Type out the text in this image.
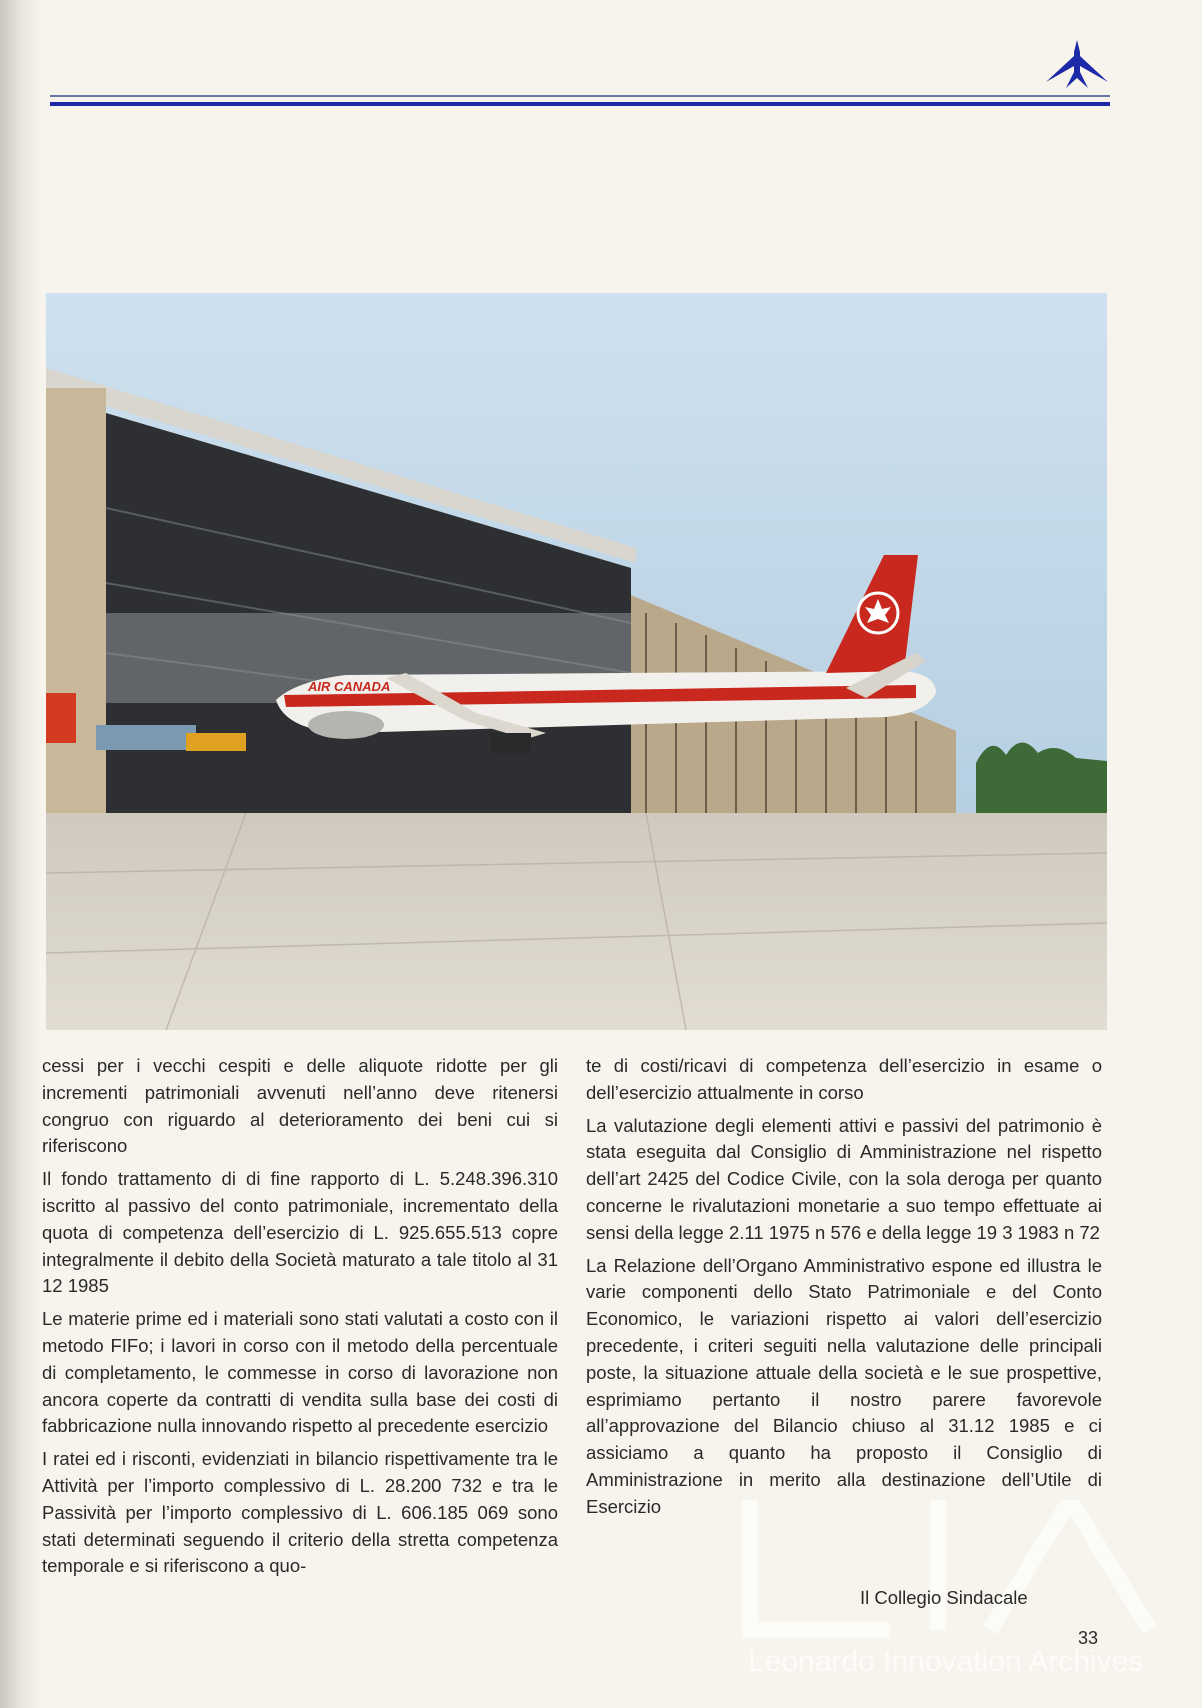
AIR CANADA

cessi per i vecchi cespiti e delle aliquote ridotte per gli incrementi patrimoniali avvenuti nell’anno deve ritenersi congruo con riguardo al deterioramento dei beni cui si riferiscono

Il fondo trattamento di di fine rapporto di L. 5.248.396.310 iscritto al passivo del conto patrimoniale, incrementato della quota di competenza dell’esercizio di L. 925.655.513 copre integralmente il debito della Società maturato a tale titolo al 31 12 1985

Le materie prime ed i materiali sono stati valutati a costo con il metodo FIFo; i lavori in corso con il metodo della percentuale di completamento, le commesse in corso di lavorazione non ancora coperte da contratti di vendita sulla base dei costi di fabbricazione nulla innovando rispetto al precedente esercizio

I ratei ed i risconti, evidenziati in bilancio rispettivamente tra le Attività per l’importo complessivo di L. 28.200 732 e tra le Passività per l’importo complessivo di L. 606.185 069 sono stati determinati seguendo il criterio della stretta competenza temporale e si riferiscono a quo-

te di costi/ricavi di competenza dell’esercizio in esame o dell’esercizio attualmente in corso

La valutazione degli elementi attivi e passivi del patrimonio è stata eseguita dal Consiglio di Amministrazione nel rispetto dell’art 2425 del Codice Civile, con la sola deroga per quanto concerne le rivalutazioni monetarie a suo tempo effettuate ai sensi della legge 2.11 1975 n 576 e della legge 19 3 1983 n 72

La Relazione dell’Organo Amministrativo espone ed illustra le varie componenti dello Stato Patrimoniale e del Conto Economico, le variazioni rispetto ai valori dell’esercizio precedente, i criteri seguiti nella valutazione delle principali poste, la situazione attuale della società e le sue prospettive, esprimiamo pertanto il nostro parere favorevole all’approvazione del Bilancio chiuso al 31.12 1985 e ci assiciamo a quanto ha proposto il Consiglio di Amministrazione in merito alla destinazione dell’Utile di Esercizio

Il Collegio Sindacale
33
Leonardo Innovation Archives
